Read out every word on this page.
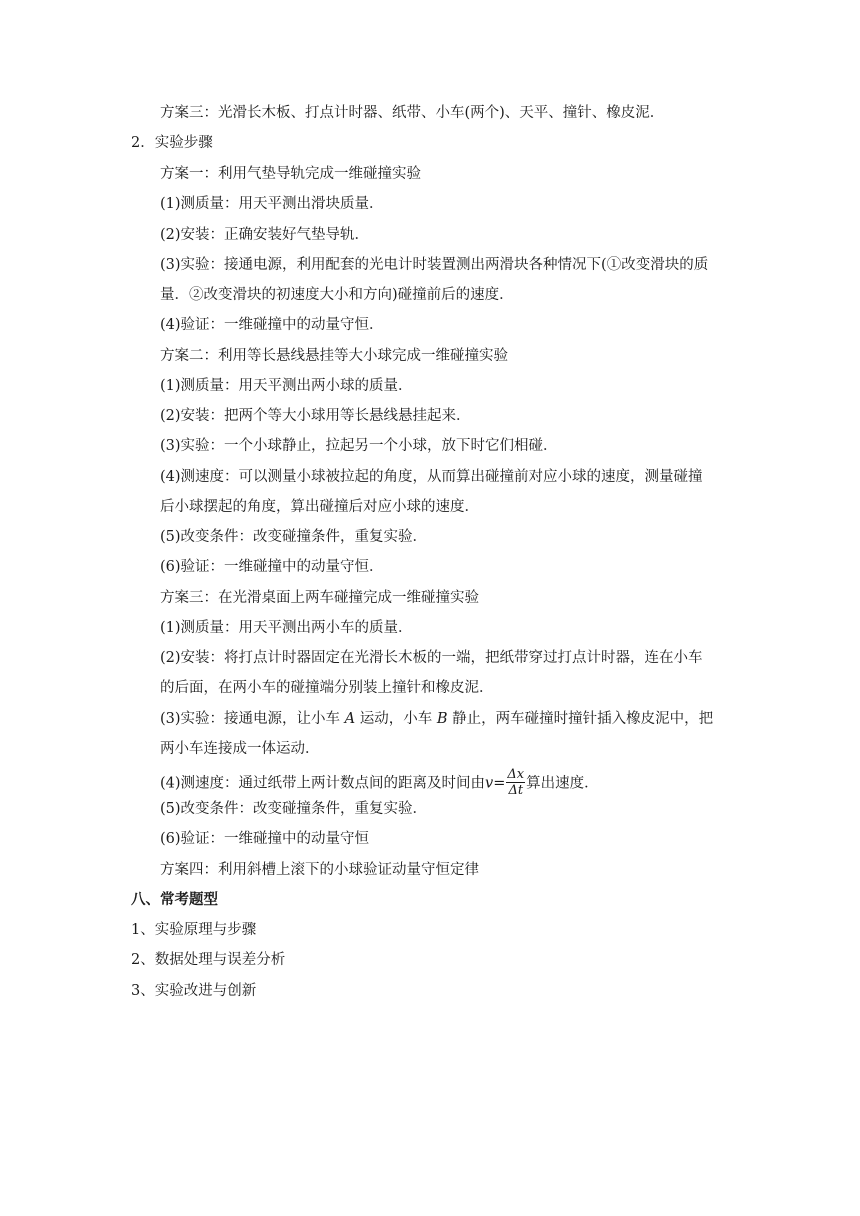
方案三：光滑长木板、打点计时器、纸带、小车(两个)、天平、撞针、橡皮泥．
2．实验步骤
方案一：利用气垫导轨完成一维碰撞实验
(1)测质量：用天平测出滑块质量．
(2)安装：正确安装好气垫导轨．
(3)实验：接通电源，利用配套的光电计时装置测出两滑块各种情况下(①改变滑块的质
量．②改变滑块的初速度大小和方向)碰撞前后的速度．
(4)验证：一维碰撞中的动量守恒．
方案二：利用等长悬线悬挂等大小球完成一维碰撞实验
(1)测质量：用天平测出两小球的质量．
(2)安装：把两个等大小球用等长悬线悬挂起来．
(3)实验：一个小球静止，拉起另一个小球，放下时它们相碰．
(4)测速度：可以测量小球被拉起的角度，从而算出碰撞前对应小球的速度，测量碰撞
后小球摆起的角度，算出碰撞后对应小球的速度．
(5)改变条件：改变碰撞条件，重复实验．
(6)验证：一维碰撞中的动量守恒．
方案三：在光滑桌面上两车碰撞完成一维碰撞实验
(1)测质量：用天平测出两小车的质量．
(2)安装：将打点计时器固定在光滑长木板的一端，把纸带穿过打点计时器，连在小车
的后面，在两小车的碰撞端分别装上撞针和橡皮泥．
(3)实验：接通电源，让小车 A 运动，小车 B 静止，两车碰撞时撞针插入橡皮泥中，把
两小车连接成一体运动．
(4)测速度：通过纸带上两计数点间的距离及时间由$v= \frac{\Delta x}{\Delta t}$ 算出速度．
(5)改变条件：改变碰撞条件，重复实验．
(6)验证：一维碰撞中的动量守恒
方案四：利用斜槽上滚下的小球验证动量守恒定律
八、常考题型
1、实验原理与步骤
2、数据处理与误差分析
3、实验改进与创新
